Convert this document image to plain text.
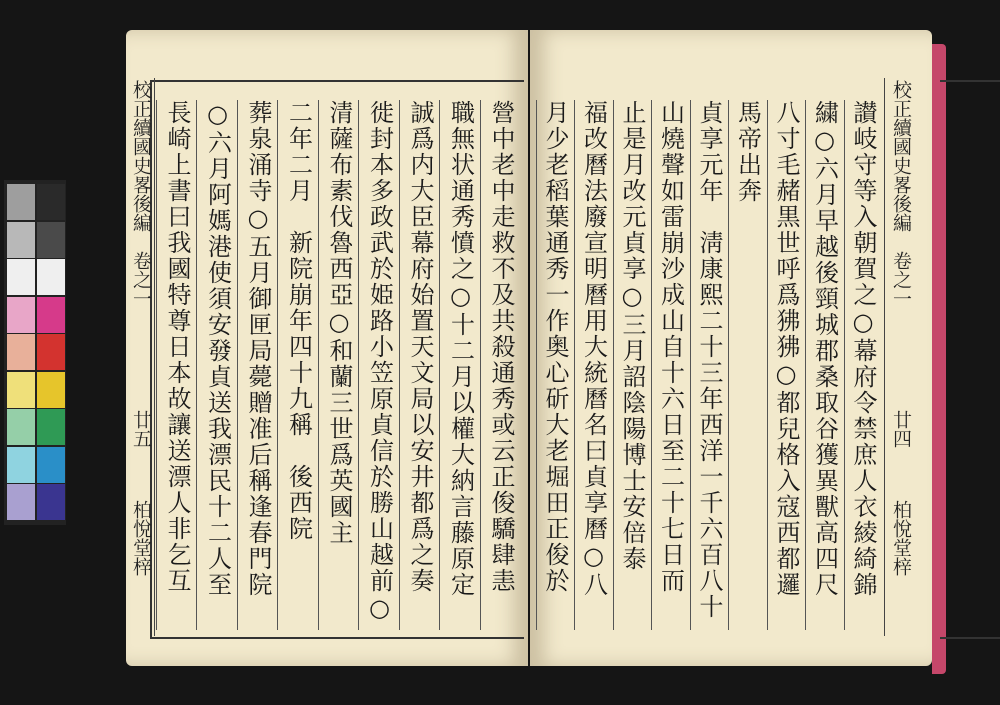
校正續國史畧後編　卷之一
廿五
柏悅堂梓	營中老中走救不及共殺通秀或云正俊驕肆恚
職無状通秀憤之○十二月以權大納言藤原定
誠爲内大臣幕府始置天文局以安井都爲之奏
徙封本多政武於姫路小笠原貞信於勝山越前○
清薩布素伐魯西亞○和蘭三世爲英國主
二年二月　新院崩年四十九稱　後西院
葬泉涌寺○五月御匣局薨贈准后稱逢春門院
○六月阿媽港使須安發貞送我漂民十二人至
長崎上書曰我國特尊日本故讓送漂人非乞互	校正續國史畧後編　卷之一
廿四
柏悅堂梓
讃岐守等入朝賀之○幕府令禁庶人衣綾綺錦
繍○六月早越後頸城郡桑取谷獲異獸高四尺
八寸毛赭黒世呼爲狒狒○都兒格入寇西都邏
馬帝出奔
貞享元年　淸康熙二十三年西洋一千六百八十　
山燒聲如雷崩沙成山自十六日至二十七日而
止是月改元貞享○三月詔陰陽博士安倍泰
福改曆法廢宣明曆用大統曆名曰貞享曆○八
月少老稻葉通秀一作奥心斫大老堀田正俊於
